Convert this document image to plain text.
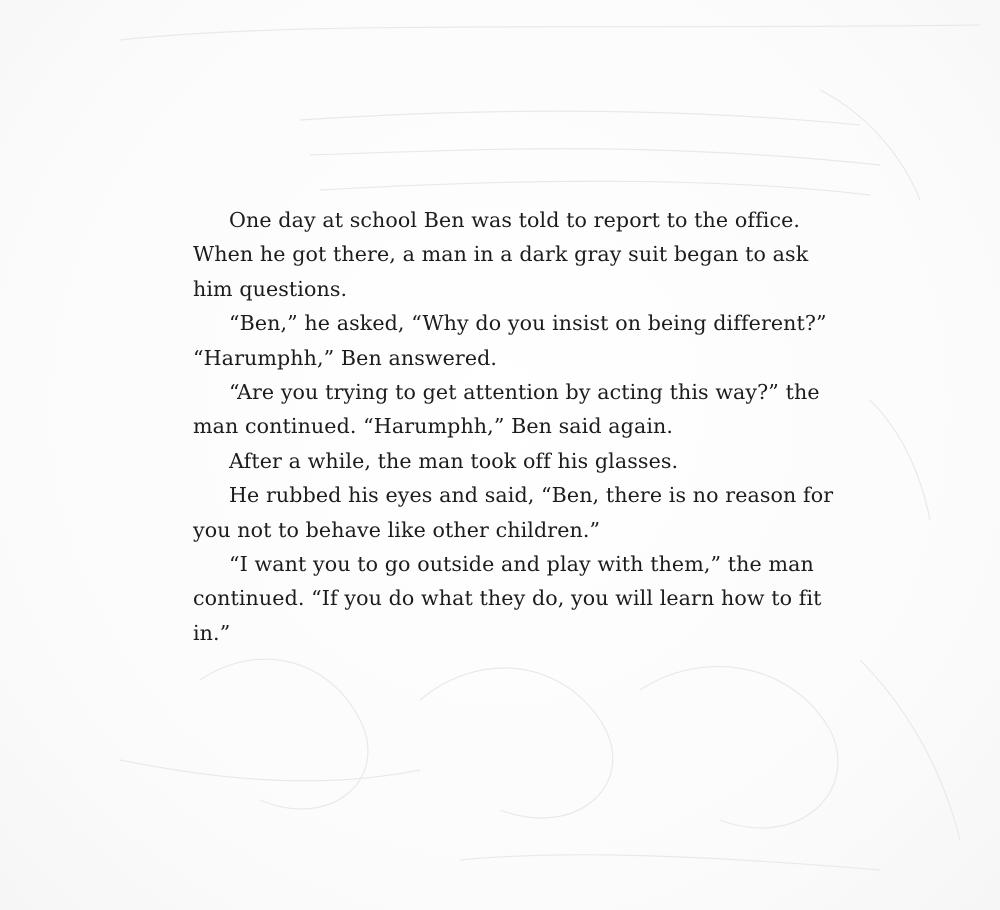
One day at school Ben was told to report to the office.
When he got there, a man in a dark gray suit began to ask
him questions.

“Ben,” he asked, “Why do you insist on being different?”

“Harumphh,” Ben answered.

“Are you trying to get attention by acting this way?” the
man continued. “Harumphh,” Ben said again.

After a while, the man took off his glasses.

He rubbed his eyes and said, “Ben, there is no reason for
you not to behave like other children.”

“I want you to go outside and play with them,” the man
continued. “If you do what they do, you will learn how to fit
in.”
